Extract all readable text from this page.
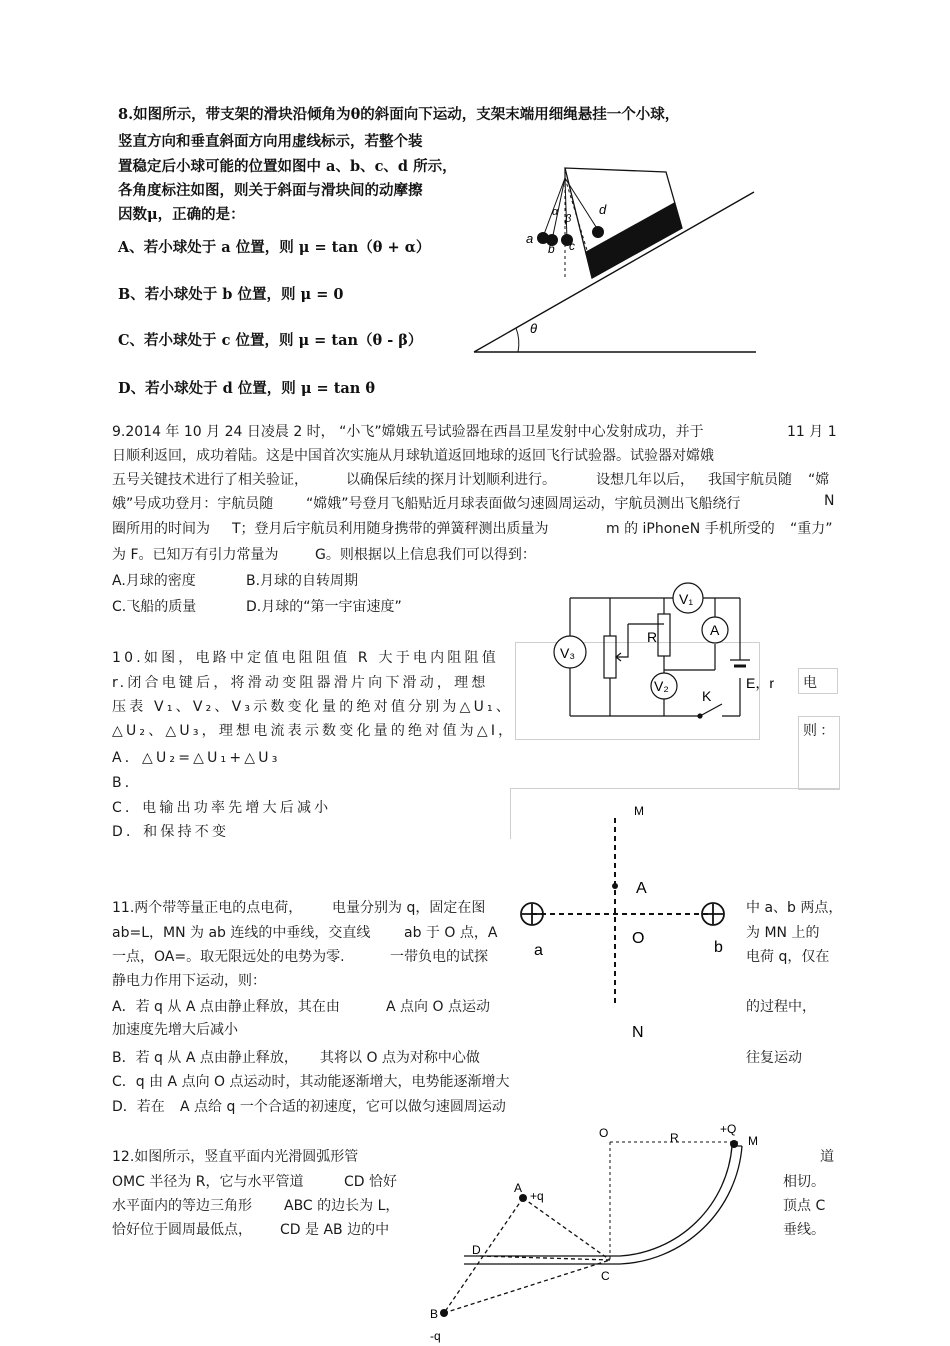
8.如图所示，带支架的滑块沿倾角为θ的斜面向下运动，支架末端用细绳悬挂一个小球，
竖直方向和垂直斜面方向用虚线标示，若整个装
置稳定后小球可能的位置如图中 a、b、c、d 所示，
各角度标注如图，则关于斜面与滑块间的动摩擦
因数μ，正确的是：
A、若小球处于 a 位置，则 μ = tan（θ + α）
B、若小球处于 b 位置，则 μ = 0
C、若小球处于 c 位置，则 μ = tan（θ - β）
D、若小球处于 d 位置，则 μ = tan θ
θ
a
b c
d
α
β
9.2014 年 10 月 24 日凌晨 2 时， “小飞”嫦娥五号试验器在西昌卫星发射中心发射成功，并于	11 月 1
日顺利返回，成功着陆。这是中国首次实施从月球轨道返回地球的返回飞行试验器。试验器对嫦娥
五号关键技术进行了相关验证，	以确保后续的探月计划顺利进行。	设想几年以后， 我国宇航员随 “嫦
娥”号成功登月：宇航员随 “嫦娥”号登月飞船贴近月球表面做匀速圆周运动，宇航员测出飞船绕行	N
圈所用的时间为 T；登月后宇航员利用随身携带的弹簧秤测出质量为	m 的 iPhoneN 手机所受的 “重力”
为 F。已知万有引力常量为	G。则根据以上信息我们可以得到：
A.月球的密度	B.月球的自转周期
C.飞船的质量	D.月球的“第一宇宙速度”
10.如图，电路中定值电阻阻值 R 大于电内阻阻值
电
r.闭合电键后，将滑动变阻器滑片向下滑动，理想
压表 V₁、V₂、V₃示数变化量的绝对值分别为△U₁、
△U₂、△U₃，理想电流表示数变化量的绝对值为△I，	则：
A．△U₂=△U₁+△U₃
B．
C．电输出功率先增大后减小
D．和保持不变
V₃
V₁
A
V₂
R
E，r
K
11.两个带等量正电的点电荷， 电量分别为 q，固定在图	中 a、b 两点，
ab=L，MN 为 ab 连线的中垂线，交直线 ab 于 O 点，A	为 MN 上的
一点，OA=。取无限远处的电势为零.	一带负电的试探	电荷 q，仅在
静电力作用下运动，则：
A．若 q 从 A 点由静止释放，其在由	A 点向 O 点运动	的过程中，
加速度先增大后减小
B．若 q 从 A 点由静止释放， 其将以 O 点为对称中心做	往复运动
C．q 由 A 点向 O 点运动时，其动能逐渐增大，电势能逐渐增大
D．若在 A 点给 q 一个合适的初速度，它可以做匀速圆周运动
M
A
O
a	b
N
12.如图所示，竖直平面内光滑圆弧形管	道
OMC 半径为 R，它与水平管道	CD 恰好	相切。
水平面内的等边三角形 ABC 的边长为 L，	顶点 C
恰好位于圆周最低点， CD 是 AB 边的中	垂线。
O	R
+Q
M
A
+q
D
C
B
-q
